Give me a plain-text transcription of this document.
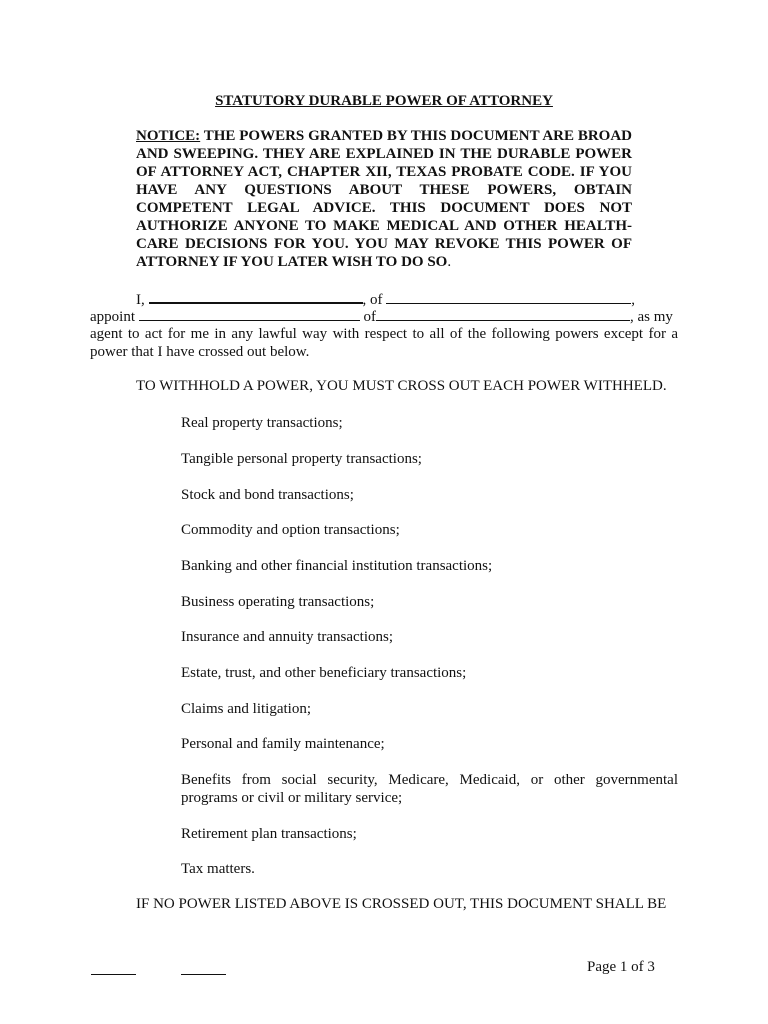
STATUTORY DURABLE POWER OF ATTORNEY
NOTICE: THE POWERS GRANTED BY THIS DOCUMENT ARE BROAD AND SWEEPING. THEY ARE EXPLAINED IN THE DURABLE POWER OF ATTORNEY ACT, CHAPTER XII, TEXAS PROBATE CODE. IF YOU HAVE ANY QUESTIONS ABOUT THESE POWERS, OBTAIN COMPETENT LEGAL ADVICE. THIS DOCUMENT DOES NOT AUTHORIZE ANYONE TO MAKE MEDICAL AND OTHER HEALTH-CARE DECISIONS FOR YOU. YOU MAY REVOKE THIS POWER OF ATTORNEY IF YOU LATER WISH TO DO SO.
I,	, of	,
appoint	of	, as my
agent to act for me in any lawful way with respect to all of the following powers except for a power that I have crossed out below.
TO WITHHOLD A POWER, YOU MUST CROSS OUT EACH POWER WITHHELD.
Real property transactions;
Tangible personal property transactions;
Stock and bond transactions;
Commodity and option transactions;
Banking and other financial institution transactions;
Business operating transactions;
Insurance and annuity transactions;
Estate, trust, and other beneficiary transactions;
Claims and litigation;
Personal and family maintenance;
Benefits from social security, Medicare, Medicaid, or other governmental programs or civil or military service;
Retirement plan transactions;
Tax matters.
IF NO POWER LISTED ABOVE IS CROSSED OUT, THIS DOCUMENT SHALL BE
Page 1 of 3
